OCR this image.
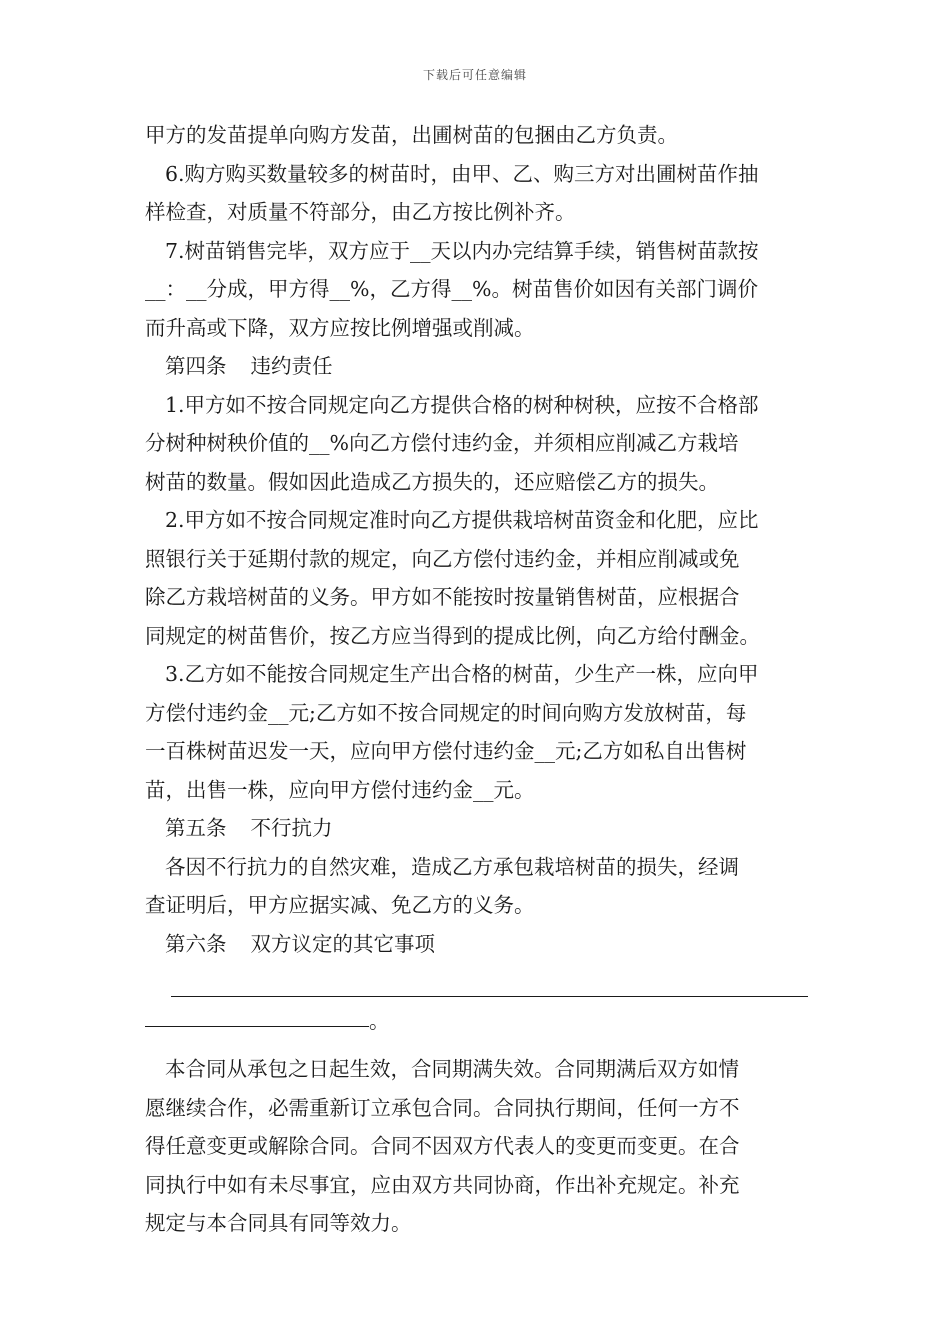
下载后可任意编辑
甲方的发苗提单向购方发苗，出圃树苗的包捆由乙方负责。
6.购方购买数量较多的树苗时，由甲、乙、购三方对出圃树苗作抽
样检查，对质量不符部分，由乙方按比例补齐。
7.树苗销售完毕，双方应于__天以内办完结算手续，销售树苗款按
__：__分成，甲方得__%，乙方得__%。树苗售价如因有关部门调价
而升高或下降，双方应按比例增强或削减。
第四条 违约责任
1.甲方如不按合同规定向乙方提供合格的树种树秧，应按不合格部
分树种树秧价值的__%向乙方偿付违约金，并须相应削减乙方栽培
树苗的数量。假如因此造成乙方损失的，还应赔偿乙方的损失。
2.甲方如不按合同规定准时向乙方提供栽培树苗资金和化肥，应比
照银行关于延期付款的规定，向乙方偿付违约金，并相应削减或免
除乙方栽培树苗的义务。甲方如不能按时按量销售树苗，应根据合
同规定的树苗售价，按乙方应当得到的提成比例，向乙方给付酬金。
3.乙方如不能按合同规定生产出合格的树苗，少生产一株，应向甲
方偿付违约金__元;乙方如不按合同规定的时间向购方发放树苗，每
一百株树苗迟发一天，应向甲方偿付违约金__元;乙方如私自出售树
苗，出售一株，应向甲方偿付违约金__元。
第五条 不行抗力
各因不行抗力的自然灾难，造成乙方承包栽培树苗的损失，经调
查证明后，甲方应据实减、免乙方的义务。
第六条 双方议定的其它事项
。
本合同从承包之日起生效，合同期满失效。合同期满后双方如情
愿继续合作，必需重新订立承包合同。合同执行期间，任何一方不
得任意变更或解除合同。合同不因双方代表人的变更而变更。在合
同执行中如有未尽事宜，应由双方共同协商，作出补充规定。补充
规定与本合同具有同等效力。
